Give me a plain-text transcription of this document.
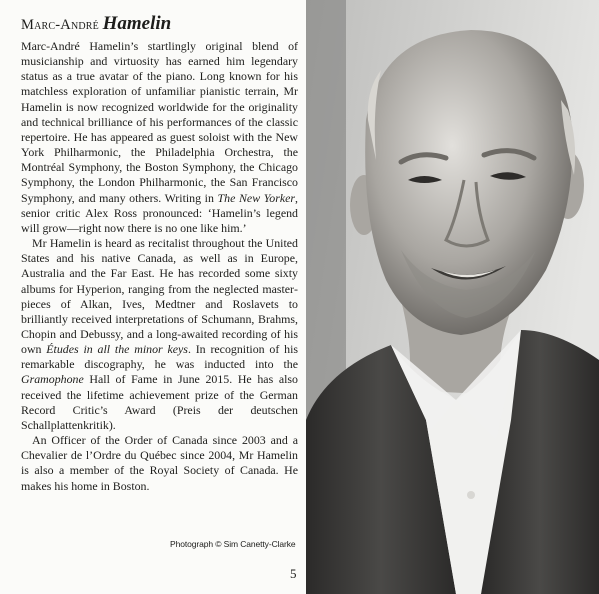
Marc-André Hamelin

Marc-André Hamelin’s startlingly original blend of musicianship and virtuosity has earned him legendary status as a true avatar of the piano. Long known for his matchless exploration of unfamiliar pianistic terrain, Mr Hamelin is now recognized worldwide for the originality and technical brilliance of his performances of the classic repertoire. He has appeared as guest soloist with the New York Philharmonic, the Philadelphia Orchestra, the Montréal Symphony, the Boston Symphony, the Chicago Symphony, the London Philharmonic, the San Francisco Symphony, and many others. Writing in The New Yorker, senior critic Alex Ross pronounced: ‘Hamelin’s legend will grow—right now there is no one like him.’

Mr Hamelin is heard as recitalist throughout the United States and his native Canada, as well as in Europe, Australia and the Far East. He has recorded some sixty albums for Hyperion, ranging from the neglected masterpieces of Alkan, Ives, Medtner and Roslavets to brilliantly received interpretations of Schumann, Brahms, Chopin and Debussy, and a long-awaited recording of his own Études in all the minor keys. In recognition of his remarkable discography, he was inducted into the Gramophone Hall of Fame in June 2015. He has also received the lifetime achievement prize of the German Record Critic’s Award (Preis der deutschen Schallplattenkritik).

An Officer of the Order of Canada since 2003 and a Chevalier de l’Ordre du Québec since 2004, Mr Hamelin is also a member of the Royal Society of Canada. He makes his home in Boston.

Photograph © Sim Canetty-Clarke
5
